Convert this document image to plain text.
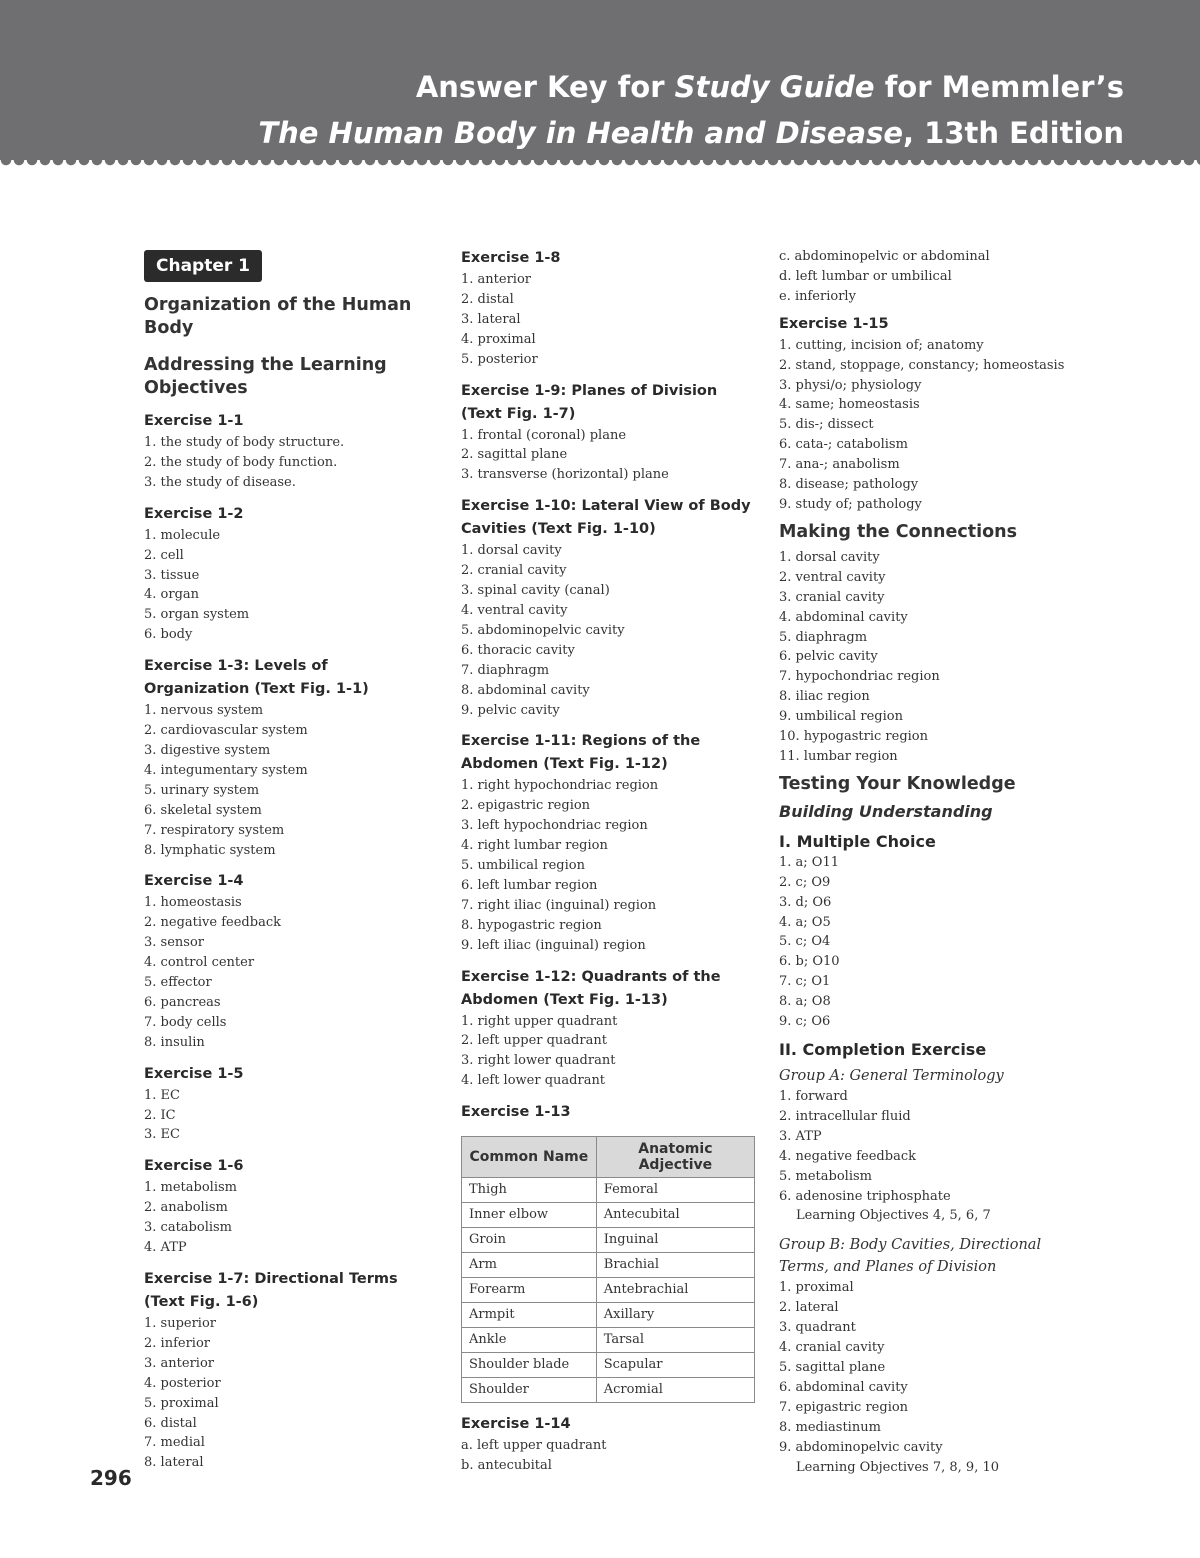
Answer Key for Study Guide for Memmler’s
The Human Body in Health and Disease, 13th Edition
Chapter 1
Organization of the Human Body
Addressing the Learning Objectives
Exercise 1-1
1. the study of body structure.
2. the study of body function.
3. the study of disease.
Exercise 1-2
1. molecule
2. cell
3. tissue
4. organ
5. organ system
6. body
Exercise 1-3: Levels of Organization (Text Fig. 1-1)
1. nervous system
2. cardiovascular system
3. digestive system
4. integumentary system
5. urinary system
6. skeletal system
7. respiratory system
8. lymphatic system
Exercise 1-4
1. homeostasis
2. negative feedback
3. sensor
4. control center
5. effector
6. pancreas
7. body cells
8. insulin
Exercise 1-5
1. EC
2. IC
3. EC
Exercise 1-6
1. metabolism
2. anabolism
3. catabolism
4. ATP
Exercise 1-7: Directional Terms (Text Fig. 1-6)
1. superior
2. inferior
3. anterior
4. posterior
5. proximal
6. distal
7. medial
8. lateral
Exercise 1-8
1. anterior
2. distal
3. lateral
4. proximal
5. posterior
Exercise 1-9: Planes of Division (Text Fig. 1-7)
1. frontal (coronal) plane
2. sagittal plane
3. transverse (horizontal) plane
Exercise 1-10: Lateral View of Body Cavities (Text Fig. 1-10)
1. dorsal cavity
2. cranial cavity
3. spinal cavity (canal)
4. ventral cavity
5. abdominopelvic cavity
6. thoracic cavity
7. diaphragm
8. abdominal cavity
9. pelvic cavity
Exercise 1-11: Regions of the Abdomen (Text Fig. 1-12)
1. right hypochondriac region
2. epigastric region
3. left hypochondriac region
4. right lumbar region
5. umbilical region
6. left lumbar region
7. right iliac (inguinal) region
8. hypogastric region
9. left iliac (inguinal) region
Exercise 1-12: Quadrants of the Abdomen (Text Fig. 1-13)
1. right upper quadrant
2. left upper quadrant
3. right lower quadrant
4. left lower quadrant
Exercise 1-13
Common Name	Anatomic Adjective
Thigh	Femoral
Inner elbow	Antecubital
Groin	Inguinal
Arm	Brachial
Forearm	Antebrachial
Armpit	Axillary
Ankle	Tarsal
Shoulder blade	Scapular
Shoulder	Acromial
Exercise 1-14
a. left upper quadrant
b. antecubital
c. abdominopelvic or abdominal
d. left lumbar or umbilical
e. inferiorly
Exercise 1-15
1. cutting, incision of; anatomy
2. stand, stoppage, constancy; homeostasis
3. physi/o; physiology
4. same; homeostasis
5. dis-; dissect
6. cata-; catabolism
7. ana-; anabolism
8. disease; pathology
9. study of; pathology
Making the Connections
1. dorsal cavity
2. ventral cavity
3. cranial cavity
4. abdominal cavity
5. diaphragm
6. pelvic cavity
7. hypochondriac region
8. iliac region
9. umbilical region
10. hypogastric region
11. lumbar region
Testing Your Knowledge
Building Understanding
I. Multiple Choice
1. a; O11
2. c; O9
3. d; O6
4. a; O5
5. c; O4
6. b; O10
7. c; O1
8. a; O8
9. c; O6
II. Completion Exercise
Group A: General Terminology
1. forward
2. intracellular fluid
3. ATP
4. negative feedback
5. metabolism
6. adenosine triphosphate
Learning Objectives 4, 5, 6, 7
Group B: Body Cavities, Directional Terms, and Planes of Division
1. proximal
2. lateral
3. quadrant
4. cranial cavity
5. sagittal plane
6. abdominal cavity
7. epigastric region
8. mediastinum
9. abdominopelvic cavity
Learning Objectives 7, 8, 9, 10
296
